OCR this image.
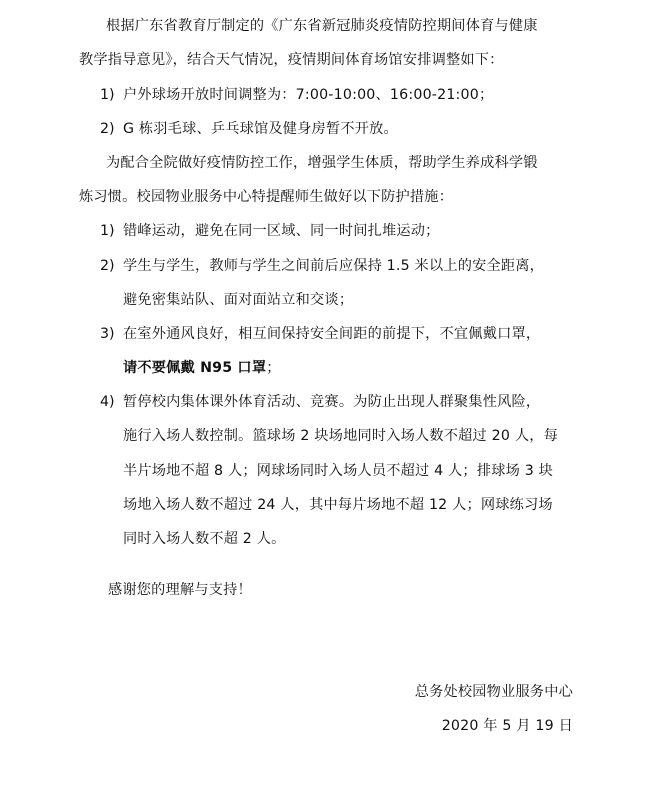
根据广东省教育厅制定的《广东省新冠肺炎疫情防控期间体育与健康
教学指导意见》，结合天气情况，疫情期间体育场馆安排调整如下：
1) 户外球场开放时间调整为：7:00-10:00、16:00-21:00；
2) G 栋羽毛球、乒乓球馆及健身房暂不开放。
为配合全院做好疫情防控工作，增强学生体质，帮助学生养成科学锻
炼习惯。校园物业服务中心特提醒师生做好以下防护措施：
1) 错峰运动，避免在同一区域、同一时间扎堆运动；
2) 学生与学生，教师与学生之间前后应保持 1.5 米以上的安全距离，
避免密集站队、面对面站立和交谈；
3) 在室外通风良好，相互间保持安全间距的前提下，不宜佩戴口罩，
请不要佩戴 N95 口罩；
4) 暂停校内集体课外体育活动、竞赛。为防止出现人群聚集性风险，
施行入场人数控制。篮球场 2 块场地同时入场人数不超过 20 人，每
半片场地不超 8 人；网球场同时入场人员不超过 4 人；排球场 3 块
场地入场人数不超过 24 人，其中每片场地不超 12 人；网球练习场
同时入场人数不超 2 人。
感谢您的理解与支持！
总务处校园物业服务中心
2020 年 5 月 19 日
